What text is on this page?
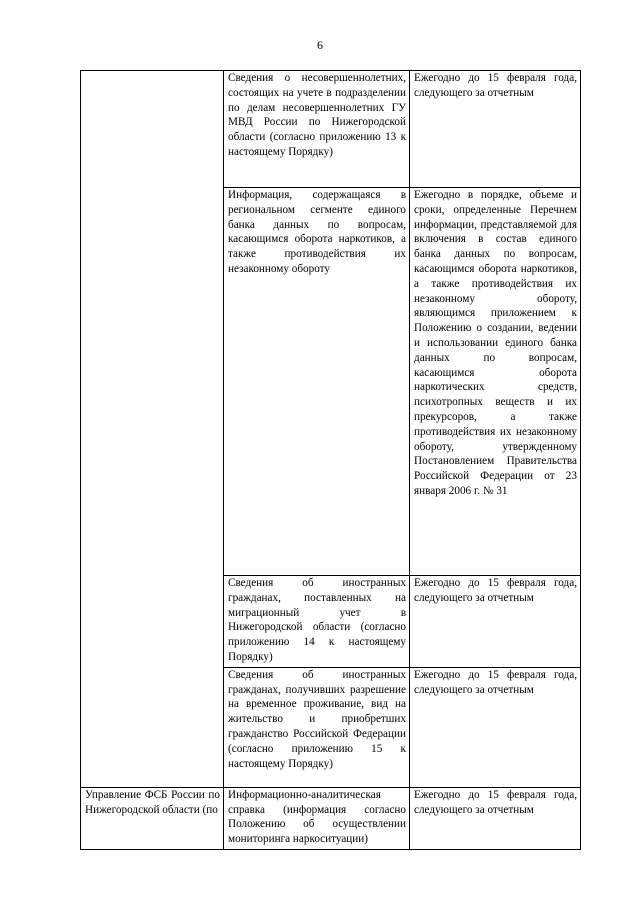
6

	Сведения о несовершеннолетних, состоящих на учете в подразделении по делам несовершеннолетних ГУ МВД России по Нижегородской области (согласно приложению 13 к настоящему Порядку)	Ежегодно до 15 февраля года, следующего за отчетным

	Информация, содержащаяся в региональном сегменте единого банка данных по вопросам, касающимся оборота наркотиков, а также противодействия их незаконному обороту	Ежегодно в порядке, объеме и сроки, определенные Перечнем информации, представляемой для включения в состав единого банка данных по вопросам, касающимся оборота наркотиков, а также противодействия их незаконному обороту, являющимся приложением к Положению о создании, ведении и использовании единого банка данных по вопросам, касающимся оборота наркотических средств, психотропных веществ и их прекурсоров, а также противодействия их незаконному обороту, утвержденному Постановлением Правительства Российской Федерации от 23 января 2006 г. № 31

	Сведения об иностранных гражданах, поставленных на миграционный учет в Нижегородской области (согласно приложению 14 к настоящему Порядку)	Ежегодно до 15 февраля года, следующего за отчетным

	Сведения об иностранных гражданах, получивших разрешение на временное проживание, вид на жительство и приобретших гражданство Российской Федерации (согласно приложению 15 к настоящему Порядку)	Ежегодно до 15 февраля года, следующего за отчетным

Управление ФСБ России по Нижегородской области (по	Информационно-аналитическая справка (информация согласно Положению об осуществлении мониторинга наркоситуации)	Ежегодно до 15 февраля года, следующего за отчетным
